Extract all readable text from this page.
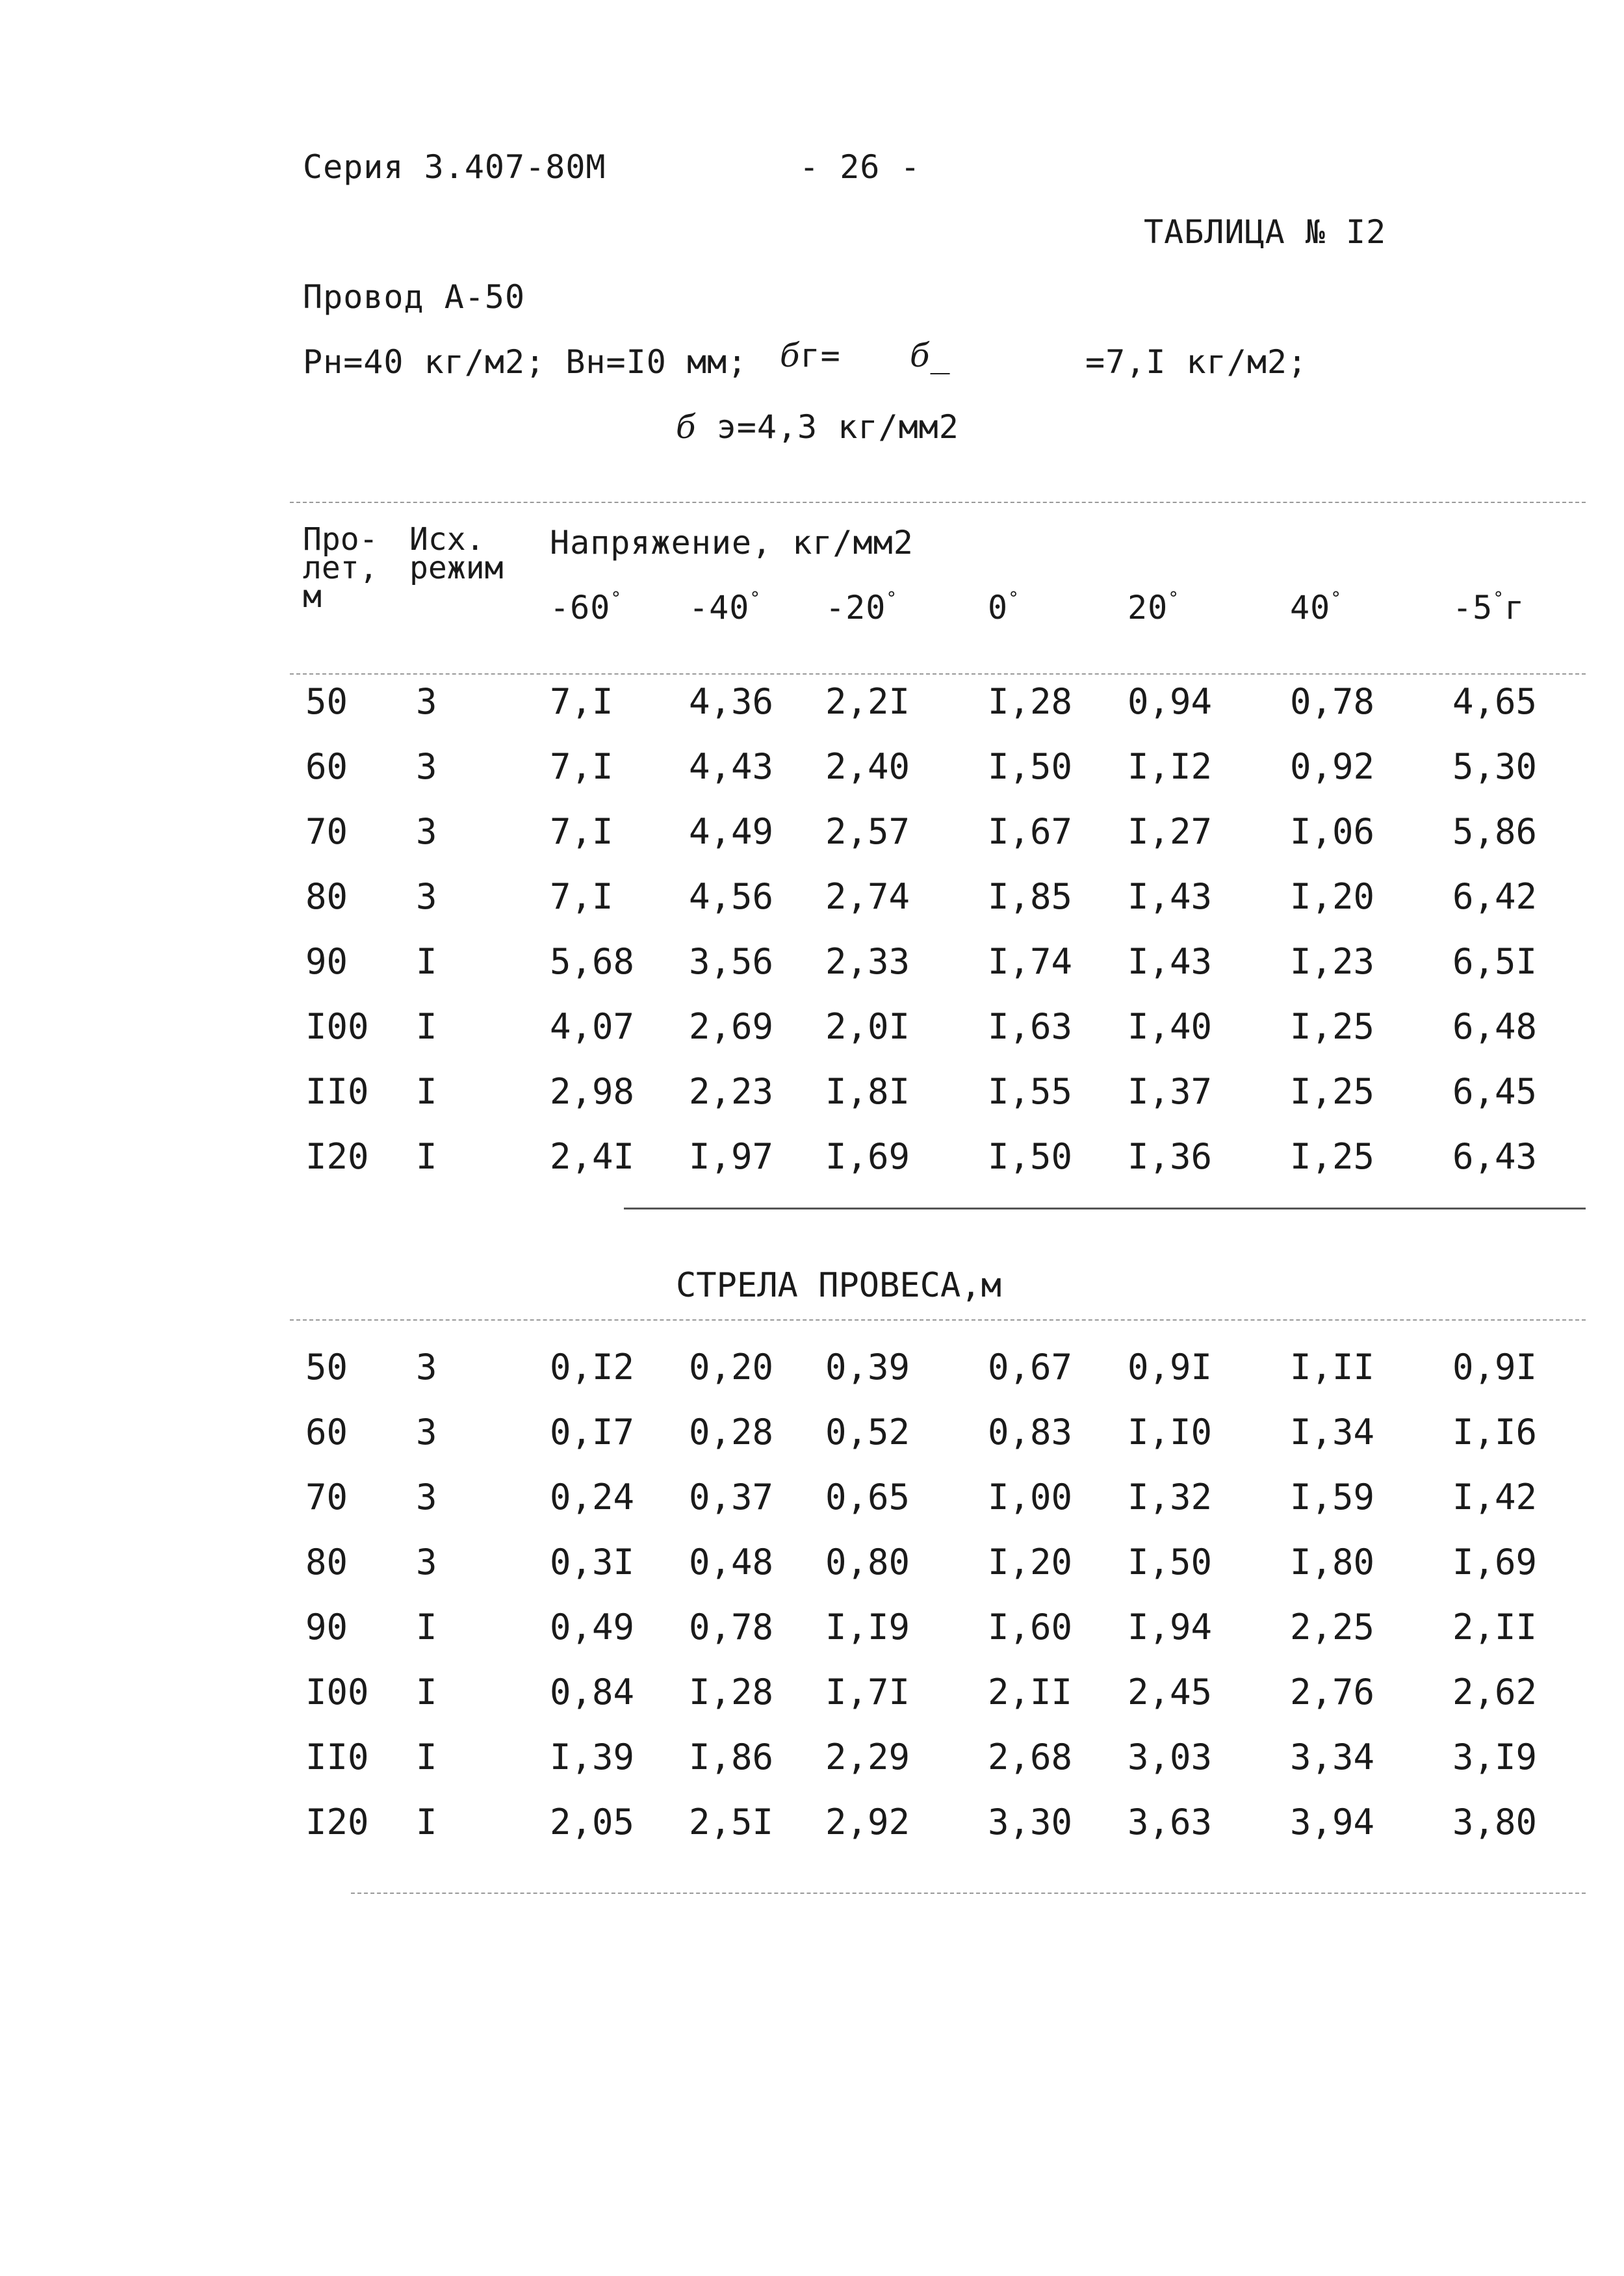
Серия 3.407-80М	- 26 -
ТАБЛИЦА № I2
Провод А-50
Рн=40 кг/м2; Вн=I0 мм; бг= б_	=7,I кг/м2;
б э=4,3 кг/мм2
Про-
лет,
м
Исх.
режим
Напряжение, кг/мм2
-60° -40° -20°	0°	20°	40°	-5°г
50 3	7,I 4,36 2,2I I,28 0,94 0,78 4,65
60 3	7,I 4,43 2,40 I,50 I,I2 0,92 5,30
70 3	7,I 4,49 2,57 I,67 I,27 I,06 5,86
80 3	7,I 4,56 2,74 I,85 I,43 I,20 6,42
90 I	5,68 3,56 2,33 I,74 I,43 I,23 6,5I
I00 I	4,07 2,69 2,0I I,63 I,40 I,25 6,48
II0 I	2,98 2,23 I,8I I,55 I,37 I,25 6,45
I20 I	2,4I I,97 I,69 I,50 I,36 I,25 6,43
СТРЕЛА ПРОВЕСА,м
50 3	0,I2 0,20 0,39 0,67 0,9I I,II 0,9I
60 3	0,I7 0,28 0,52 0,83 I,I0 I,34 I,I6
70 3	0,24 0,37 0,65 I,00 I,32 I,59 I,42
80 3	0,3I 0,48 0,80 I,20 I,50 I,80 I,69
90 I	0,49 0,78 I,I9 I,60 I,94 2,25 2,II
I00 I	0,84 I,28 I,7I 2,II 2,45 2,76 2,62
II0 I	I,39 I,86 2,29 2,68 3,03 3,34 3,I9
I20 I	2,05 2,5I 2,92 3,30 3,63 3,94 3,80
